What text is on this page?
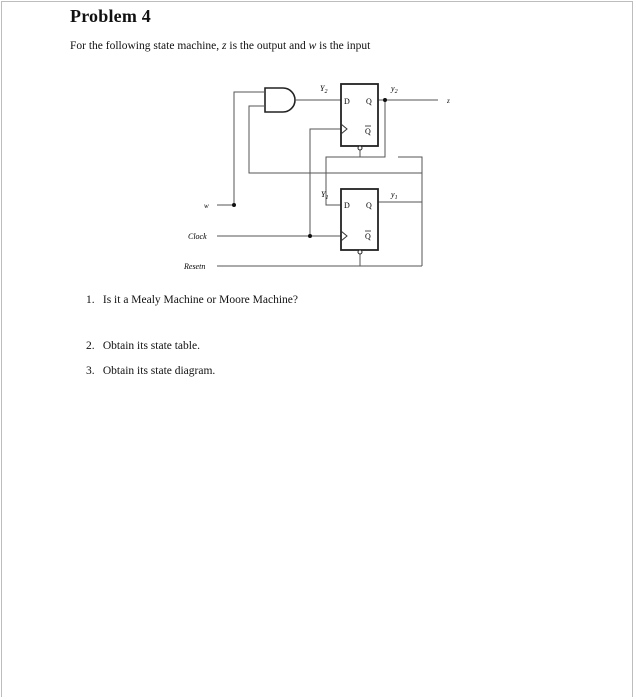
Problem 4
For the following state machine, z is the output and w is the input
D Q
Q
D Q
Q
$Y_2$
$Y_1$
$y_2$
$y_1$
z
w
Clock
Resetn
1. Is it a Mealy Machine or Moore Machine?
2. Obtain its state table.
3. Obtain its state diagram.
